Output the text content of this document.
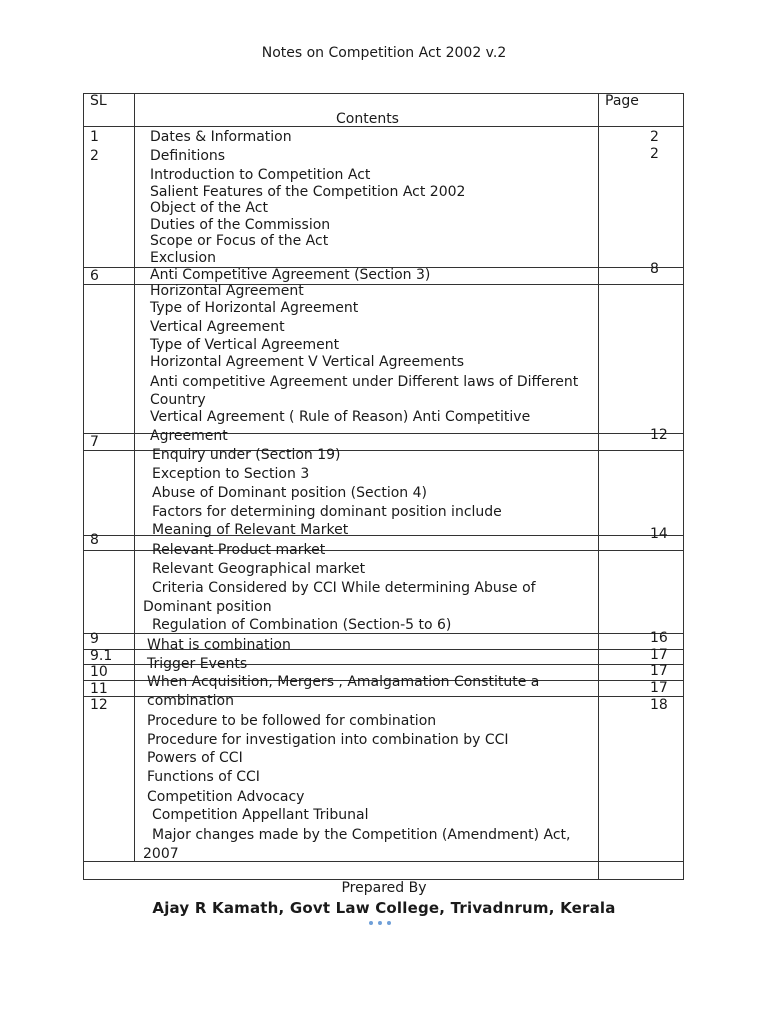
Notes on Competition Act 2002 v.2
SL
Contents
Page
1
2
6
7
8
9
9.1
10
11
12
2
2
8
12
14
16
17
17
17
18
Dates & Information
Definitions
Introduction to Competition Act
Salient Features of the Competition Act 2002
Object of the Act
Duties of the Commission
Scope or Focus of the Act
Exclusion
Anti Competitive Agreement (Section 3)
Horizontal Agreement
Type of Horizontal Agreement
Vertical Agreement
Type of Vertical Agreement
Horizontal Agreement V Vertical Agreements
Anti competitive Agreement under Different laws of Different
Country
Vertical Agreement ( Rule of Reason) Anti Competitive
Agreement
Enquiry under (Section 19)
Exception to Section 3
Abuse of Dominant position (Section 4)
Factors for determining dominant position include
Meaning of Relevant Market
Relevant Product market
Relevant Geographical market
Criteria Considered by CCI While determining Abuse of
Dominant position
Regulation of Combination (Section-5 to 6)
What is combination
Trigger Events
When Acquisition, Mergers , Amalgamation Constitute a
combination
Procedure to be followed for combination
Procedure for investigation into combination by CCI
Powers of CCI
Functions of CCI
Competition Advocacy
Competition Appellant Tribunal
Major changes made by the Competition (Amendment) Act,
2007
Prepared By
Ajay R Kamath, Govt Law College, Trivadnrum, Kerala
